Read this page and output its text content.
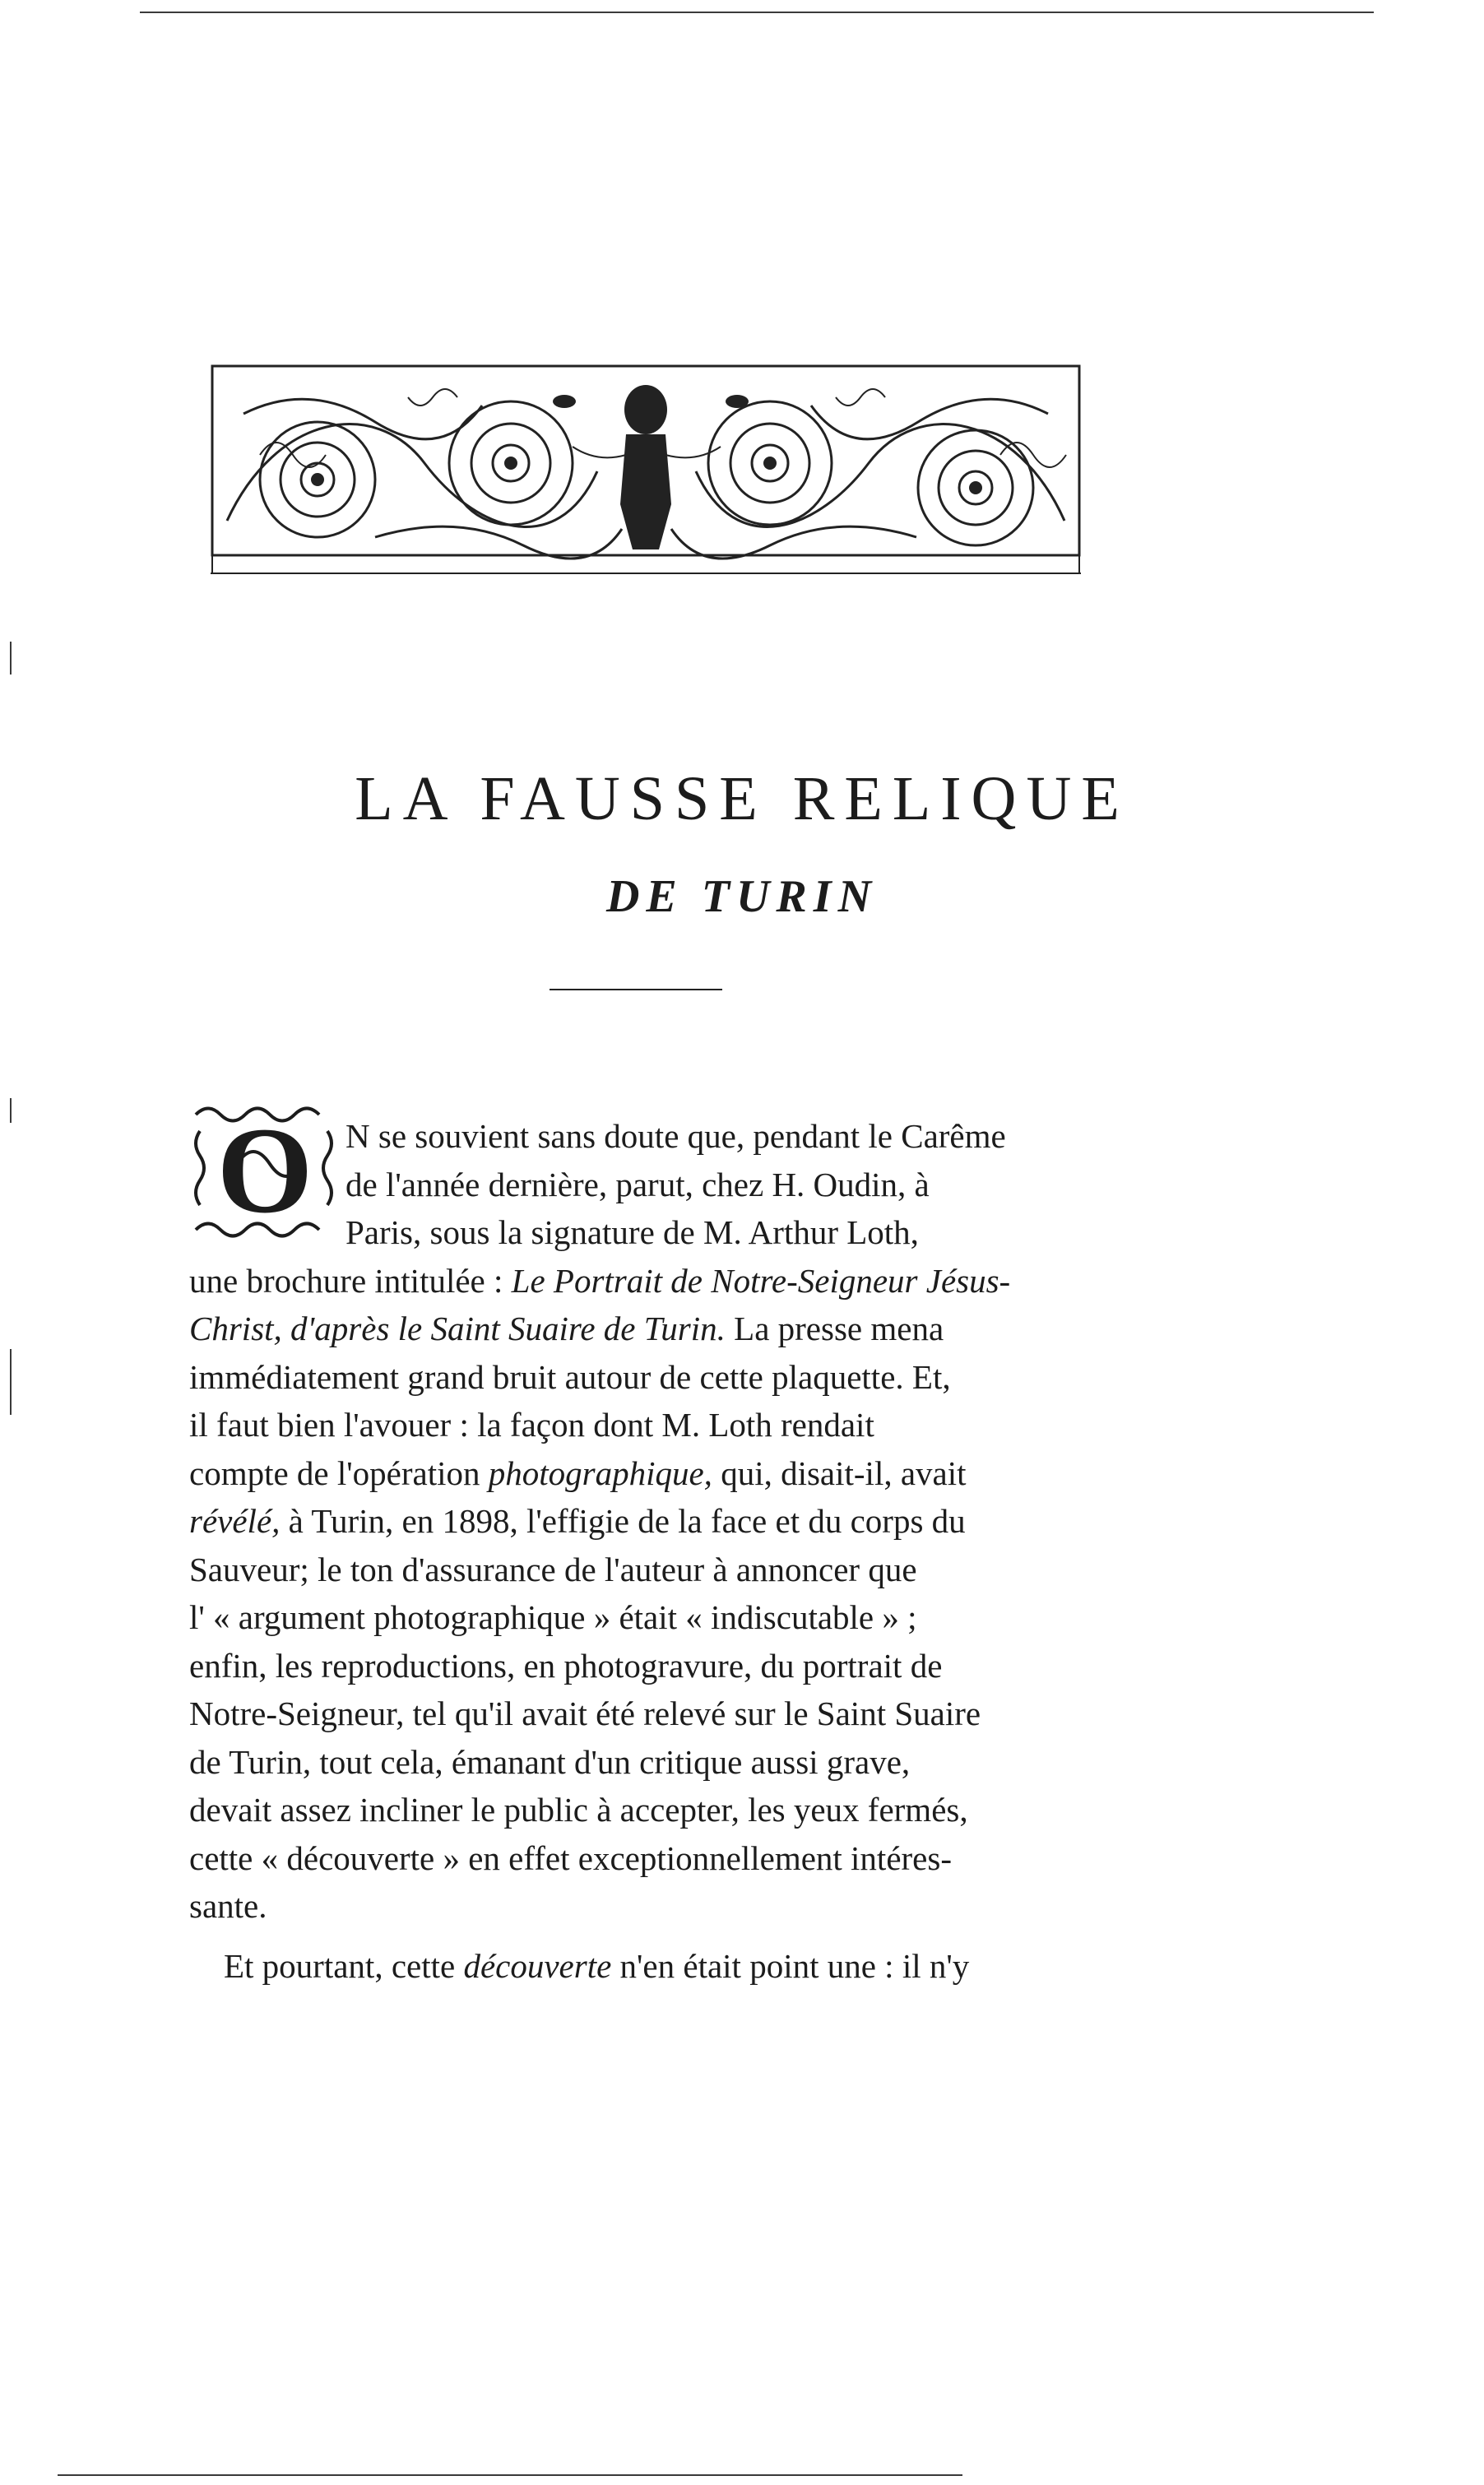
LA FAUSSE RELIQUE
DE TURIN
O N se souvient sans doute que, pendant le Carême
de l'année dernière, parut, chez H. Oudin, à
Paris, sous la signature de M. Arthur Loth,
une brochure intitulée : Le Portrait de Notre-Seigneur Jésus-
Christ, d'après le Saint Suaire de Turin. La presse mena
immédiatement grand bruit autour de cette plaquette. Et,
il faut bien l'avouer : la façon dont M. Loth rendait
compte de l'opération photographique, qui, disait-il, avait
révélé, à Turin, en 1898, l'effigie de la face et du corps du
Sauveur; le ton d'assurance de l'auteur à annoncer que
l' « argument photographique » était « indiscutable » ;
enfin, les reproductions, en photogravure, du portrait de
Notre-Seigneur, tel qu'il avait été relevé sur le Saint Suaire
de Turin, tout cela, émanant d'un critique aussi grave,
devait assez incliner le public à accepter, les yeux fermés,
cette « découverte » en effet exceptionnellement intéres-
sante.

Et pourtant, cette découverte n'en était point une : il n'y
